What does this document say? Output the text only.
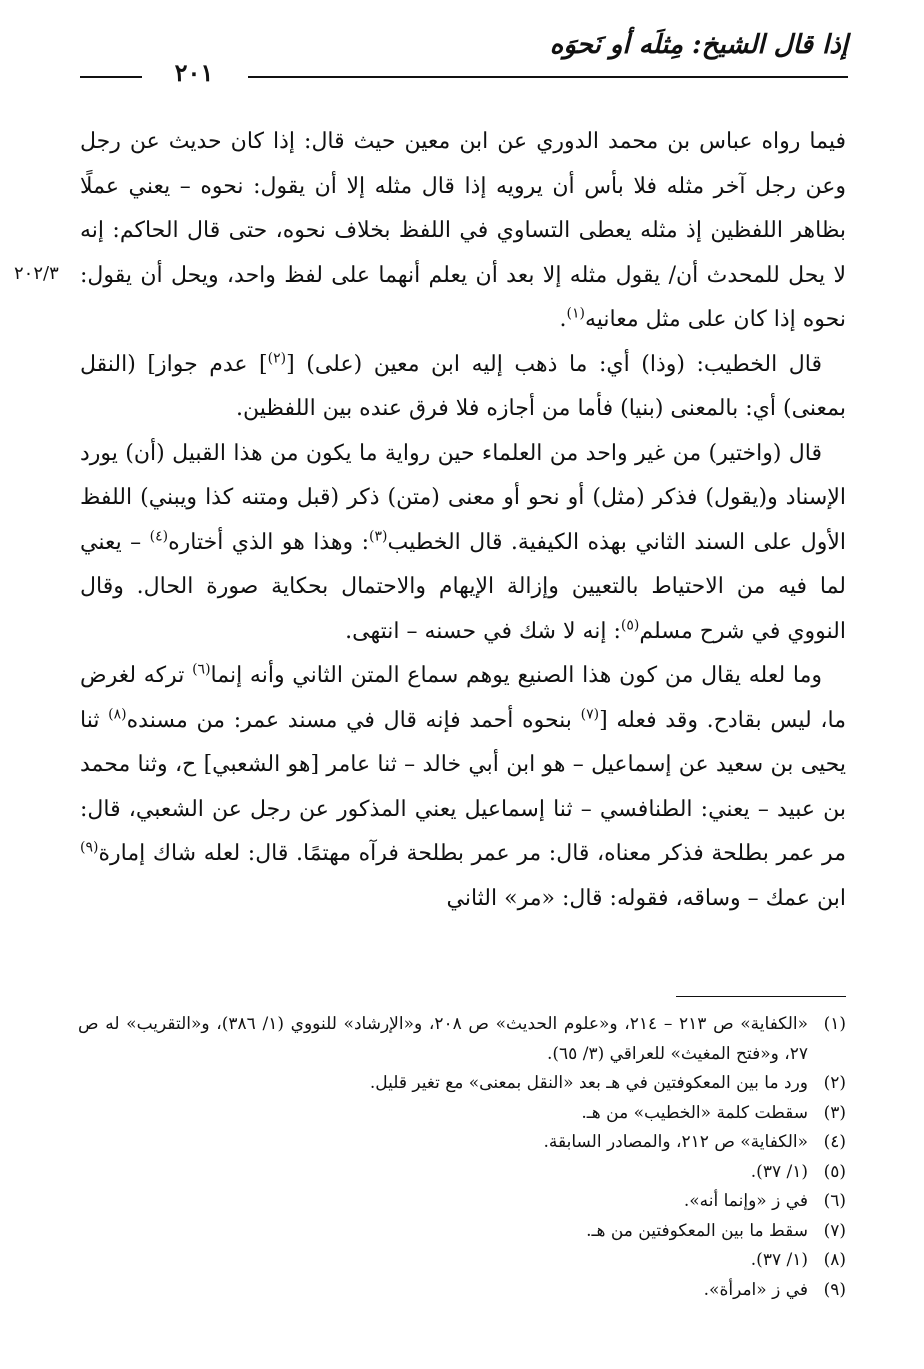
إذا قال الشيخ: مِثلَه أو نَحوَه
٢٠١
٢٠٢/٣

فيما رواه عباس بن محمد الدوري عن ابن معين حيث قال: إذا كان حديث عن رجل وعن رجل آخر مثله فلا بأس أن يرويه إذا قال مثله إلا أن يقول: نحوه – يعني عملًا بظاهر اللفظين إذ مثله يعطى التساوي في اللفظ بخلاف نحوه، حتى قال الحاكم: إنه لا يحل للمحدث أن/ يقول مثله إلا بعد أن يعلم أنهما على لفظ واحد، ويحل أن يقول: نحوه إذا كان على مثل معانيه$^{(١)}$.

قال الخطيب: (وذا) أي: ما ذهب إليه ابن معين (على) [$^{(٢)}$] عدم جواز] (النقل بمعنى) أي: بالمعنى (بنيا) فأما من أجازه فلا فرق عنده بين اللفظين.

قال (واختير) من غير واحد من العلماء حين رواية ما يكون من هذا القبيل (أن) يورد الإسناد و(يقول) فذكر (مثل) أو نحو أو معنى (متن) ذكر (قبل ومتنه كذا ويبني) اللفظ الأول على السند الثاني بهذه الكيفية. قال الخطيب$^{(٣)}$: وهذا هو الذي أختاره$^{(٤)}$ – يعني لما فيه من الاحتياط بالتعيين وإزالة الإيهام والاحتمال بحكاية صورة الحال. وقال النووي في شرح مسلم$^{(٥)}$: إنه لا شك في حسنه – انتهى.

وما لعله يقال من كون هذا الصنيع يوهم سماع المتن الثاني وأنه إنما$^{(٦)}$ تركه لغرض ما، ليس بقادح. وقد فعله [$^{(٧)}$ بنحوه أحمد فإنه قال في مسند عمر: من مسنده$^{(٨)}$ ثنا يحيى بن سعيد عن إسماعيل – هو ابن أبي خالد – ثنا عامر [هو الشعبي] ح، وثنا محمد بن عبيد – يعني: الطنافسي – ثنا إسماعيل يعني المذكور عن رجل عن الشعبي، قال: مر عمر بطلحة فذكر معناه، قال: مر عمر بطلحة فرآه مهتمًا. قال: لعله شاك إمارة$^{(٩)}$ ابن عمك – وساقه، فقوله: قال: «مر» الثاني

(١)
«الكفاية» ص ٢١٣ – ٢١٤، و«علوم الحديث» ص ٢٠٨، و«الإرشاد» للنووي (١/ ٣٨٦)، و«التقريب» له ص ٢٧، و«فتح المغيث» للعراقي (٣/ ٦٥).
(٢)
ورد ما بين المعكوفتين في هـ بعد «النقل بمعنى» مع تغير قليل.
(٣)
سقطت كلمة «الخطيب» من هـ.
(٤)
«الكفاية» ص ٢١٢، والمصادر السابقة.
(٥)
(١/ ٣٧).
(٦)
في ز «وإنما أنه».
(٧)
سقط ما بين المعكوفتين من هـ.
(٨)
(١/ ٣٧).
(٩)
في ز «امرأة».
